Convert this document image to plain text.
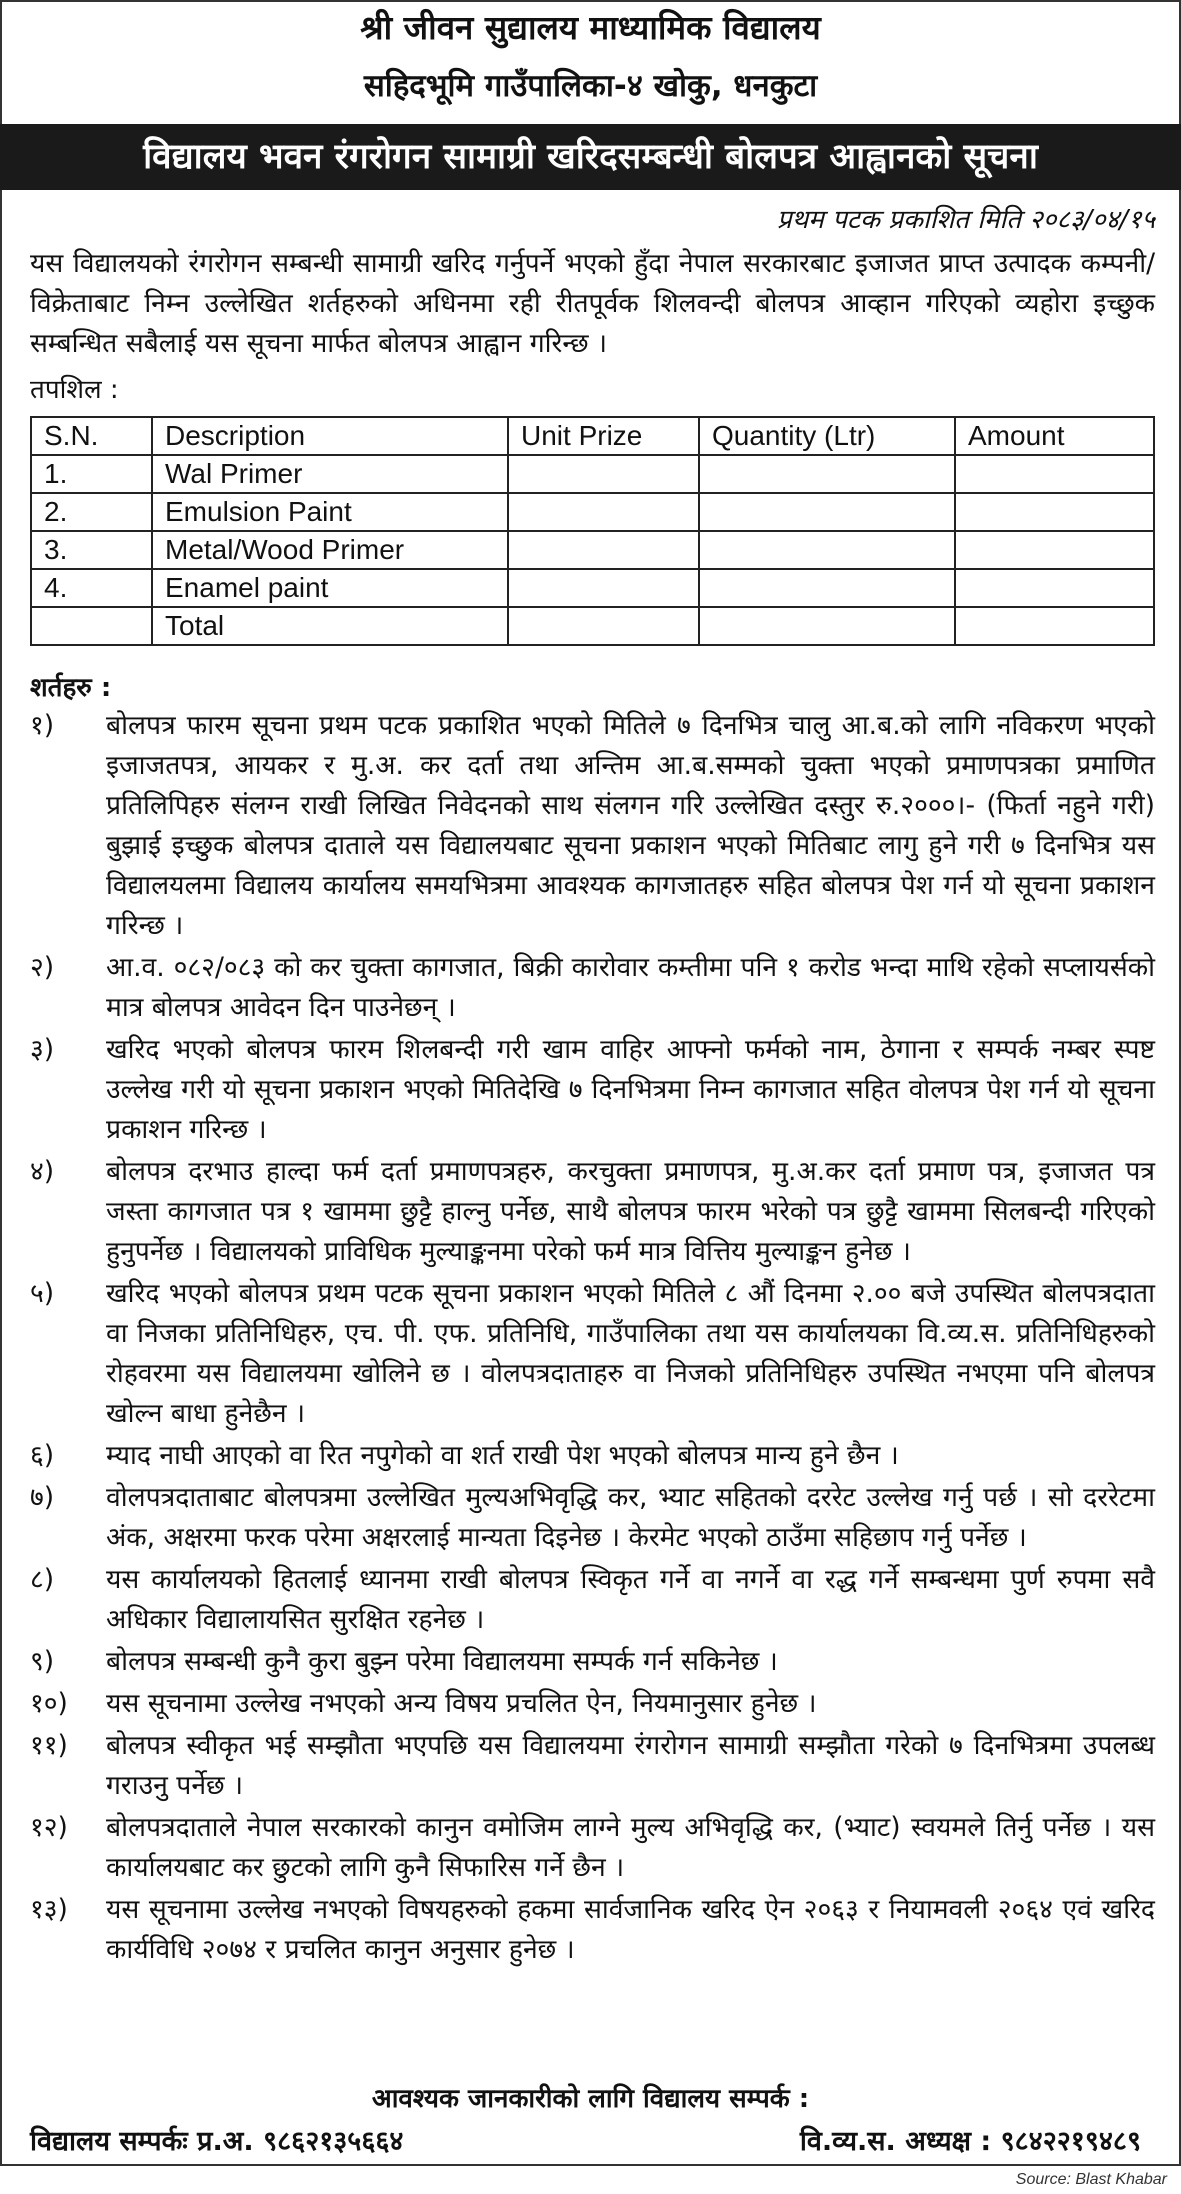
श्री जीवन सुद्यालय माध्यामिक विद्यालय
सहिदभूमि गाउँपालिका-४ खोकु, धनकुटा
विद्यालय भवन रंगरोगन सामाग्री खरिदसम्बन्धी बोलपत्र आह्वानको सूचना
प्रथम पटक प्रकाशित मिति २०८३/०४/१५
यस विद्यालयको रंगरोगन सम्बन्धी सामाग्री खरिद गर्नुपर्ने भएको हुँदा नेपाल सरकारबाट इजाजत प्राप्त उत्पादक कम्पनी/विक्रेताबाट निम्न उल्लेखित शर्तहरुको अधिनमा रही रीतपूर्वक शिलवन्दी बोलपत्र आव्हान गरिएको व्यहोरा इच्छुक सम्बन्धित सबैलाई यस सूचना मार्फत बोलपत्र आह्वान गरिन्छ ।
तपशिल :
S.N.	Description	Unit Prize	Quantity (Ltr)	Amount
1.	Wal Primer			
2.	Emulsion Paint			
3.	Metal/Wood Primer			
4.	Enamel paint			
	Total			
शर्तहरु :
१)	बोलपत्र फारम सूचना प्रथम पटक प्रकाशित भएको मितिले ७ दिनभित्र चालु आ.ब.को लागि नविकरण भएको इजाजतपत्र, आयकर र मु.अ. कर दर्ता तथा अन्तिम आ.ब.सम्मको चुक्ता भएको प्रमाणपत्रका प्रमाणित प्रतिलिपिहरु संलग्न राखी लिखित निवेदनको साथ संलगन गरि उल्लेखित दस्तुर रु.२०००।- (फिर्ता नहुने गरी) बुझाई इच्छुक बोलपत्र दाताले यस विद्यालयबाट सूचना प्रकाशन भएको मितिबाट लागु हुने गरी ७ दिनभित्र यस विद्यालयलमा विद्यालय कार्यालय समयभित्रमा आवश्यक कागजातहरु सहित बोलपत्र पेश गर्न यो सूचना प्रकाशन गरिन्छ ।
२)	आ.व. ०८२/०८३ को कर चुक्ता कागजात, बिक्री कारोवार कम्तीमा पनि १ करोड भन्दा माथि रहेको सप्लायर्सको मात्र बोलपत्र आवेदन दिन पाउनेछन् ।
३)	खरिद भएको बोलपत्र फारम शिलबन्दी गरी खाम वाहिर आफ्नो फर्मको नाम, ठेगाना र सम्पर्क नम्बर स्पष्ट उल्लेख गरी यो सूचना प्रकाशन भएको मितिदेखि ७ दिनभित्रमा निम्न कागजात सहित वोलपत्र पेश गर्न यो सूचना प्रकाशन गरिन्छ ।
४)	बोलपत्र दरभाउ हाल्दा फर्म दर्ता प्रमाणपत्रहरु, करचुक्ता प्रमाणपत्र, मु.अ.कर दर्ता प्रमाण पत्र, इजाजत पत्र जस्ता कागजात पत्र १ खाममा छुट्टै हाल्नु पर्नेछ, साथै बोलपत्र फारम भरेको पत्र छुट्टै खाममा सिलबन्दी गरिएको हुनुपर्नेछ । विद्यालयको प्राविधिक मुल्याङ्कनमा परेको फर्म मात्र वित्तिय मुल्याङ्कन हुनेछ ।
५)	खरिद भएको बोलपत्र प्रथम पटक सूचना प्रकाशन भएको मितिले ८ औं दिनमा २.०० बजे उपस्थित बोलपत्रदाता वा निजका प्रतिनिधिहरु, एच. पी. एफ. प्रतिनिधि, गाउँपालिका तथा यस कार्यालयका वि.व्य.स. प्रतिनिधिहरुको रोहवरमा यस विद्यालयमा खोलिने छ । वोलपत्रदाताहरु वा निजको प्रतिनिधिहरु उपस्थित नभएमा पनि बोलपत्र खोल्न बाधा हुनेछैन ।
६)	म्याद नाघी आएको वा रित नपुगेको वा शर्त राखी पेश भएको बोलपत्र मान्य हुने छैन ।
७)	वोलपत्रदाताबाट बोलपत्रमा उल्लेखित मुल्यअभिवृद्धि कर, भ्याट सहितको दररेट उल्लेख गर्नु पर्छ । सो दररेटमा अंक, अक्षरमा फरक परेमा अक्षरलाई मान्यता दिइनेछ । केरमेट भएको ठाउँमा सहिछाप गर्नु पर्नेछ ।
८)	यस कार्यालयको हितलाई ध्यानमा राखी बोलपत्र स्विकृत गर्ने वा नगर्ने वा रद्ध गर्ने सम्बन्धमा पुर्ण रुपमा सवै अधिकार विद्यालायसित सुरक्षित रहनेछ ।
९)	बोलपत्र सम्बन्धी कुनै कुरा बुझ्न परेमा विद्यालयमा सम्पर्क गर्न सकिनेछ ।
१०)	यस सूचनामा उल्लेख नभएको अन्य विषय प्रचलित ऐन, नियमानुसार हुनेछ ।
११)	बोलपत्र स्वीकृत भई सम्झौता भएपछि यस विद्यालयमा रंगरोगन सामाग्री सम्झौता गरेको ७ दिनभित्रमा उपलब्ध गराउनु पर्नेछ ।
१२)	बोलपत्रदाताले नेपाल सरकारको कानुन वमोजिम लाग्ने मुल्य अभिवृद्धि कर, (भ्याट) स्वयमले तिर्नु पर्नेछ । यस कार्यालयबाट कर छुटको लागि कुनै सिफारिस गर्ने छैन ।
१३)	यस सूचनामा उल्लेख नभएको विषयहरुको हकमा सार्वजानिक खरिद ऐन २०६३ र नियामवली २०६४ एवं खरिद कार्यविधि २०७४ र प्रचलित कानुन अनुसार हुनेछ ।
आवश्यक जानकारीको लागि विद्यालय सम्पर्क :
विद्यालय सम्पर्कः प्र.अ. ९८६२१३५६६४	वि.व्य.स. अध्यक्ष : ९८४२२१९४८९
Source: Blast Khabar
